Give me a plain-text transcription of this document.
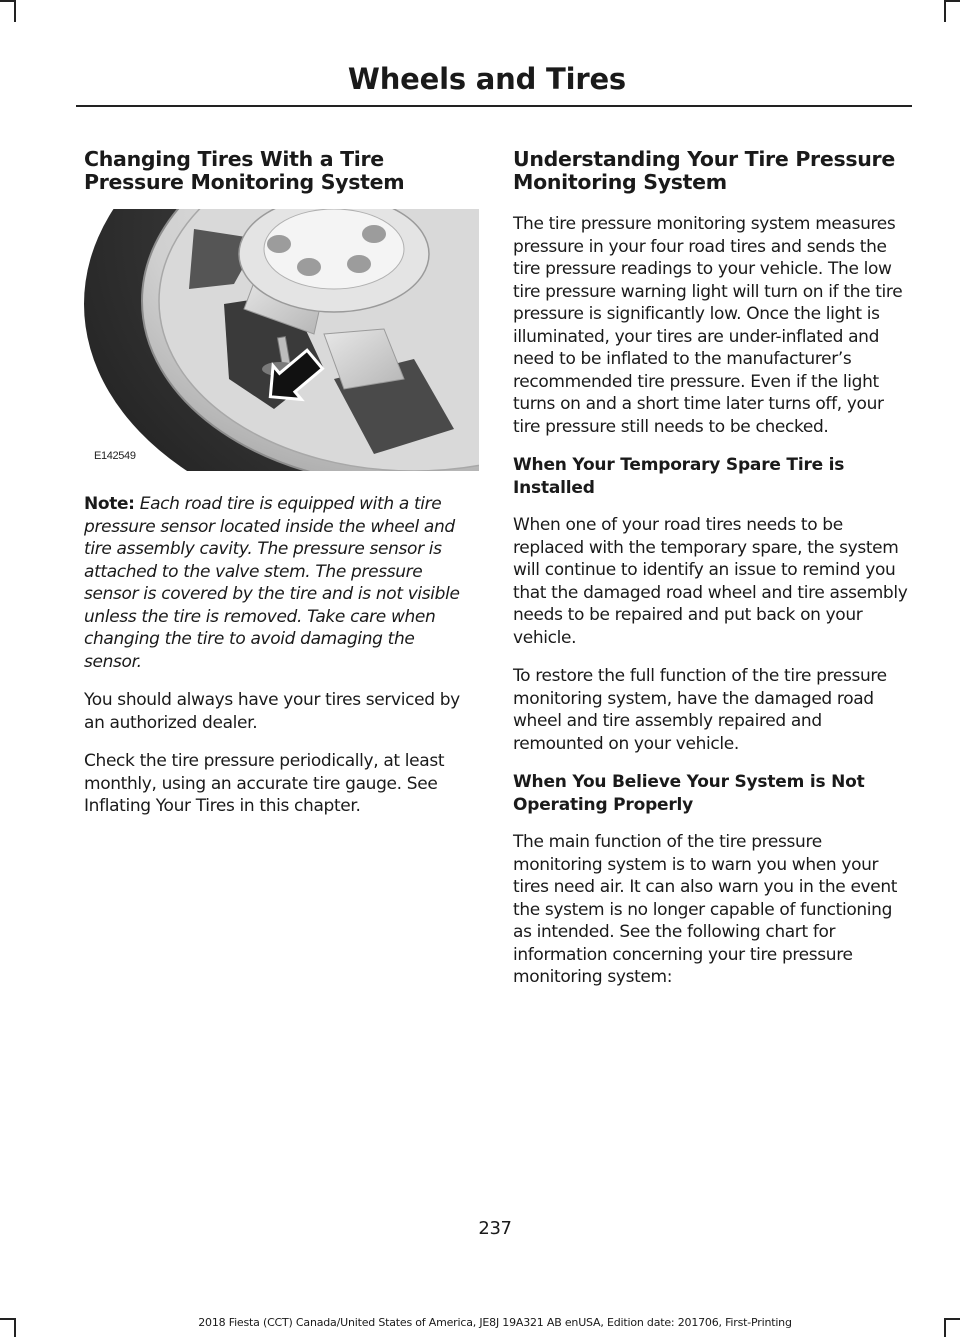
Wheels and Tires
Changing Tires With a Tire Pressure Monitoring System

E142549

Note: Each road tire is equipped with a tire pressure sensor located inside the wheel and tire assembly cavity. The pressure sensor is attached to the valve stem. The pressure sensor is covered by the tire and is not visible unless the tire is removed. Take care when changing the tire to avoid damaging the sensor.

You should always have your tires serviced by an authorized dealer.

Check the tire pressure periodically, at least monthly, using an accurate tire gauge. See Inflating Your Tires in this chapter.

Understanding Your Tire Pressure Monitoring System

The tire pressure monitoring system measures pressure in your four road tires and sends the tire pressure readings to your vehicle. The low tire pressure warning light will turn on if the tire pressure is significantly low. Once the light is illuminated, your tires are under-inflated and need to be inflated to the manufacturer’s recommended tire pressure. Even if the light turns on and a short time later turns off, your tire pressure still needs to be checked.

When Your Temporary Spare Tire is Installed

When one of your road tires needs to be replaced with the temporary spare, the system will continue to identify an issue to remind you that the damaged road wheel and tire assembly needs to be repaired and put back on your vehicle.

To restore the full function of the tire pressure monitoring system, have the damaged road wheel and tire assembly repaired and remounted on your vehicle.

When You Believe Your System is Not Operating Properly

The main function of the tire pressure monitoring system is to warn you when your tires need air. It can also warn you in the event the system is no longer capable of functioning as intended. See the following chart for information concerning your tire pressure monitoring system:

237

2018 Fiesta (CCT) Canada/United States of America, JE8J 19A321 AB enUSA, Edition date: 201706, First-Printing
